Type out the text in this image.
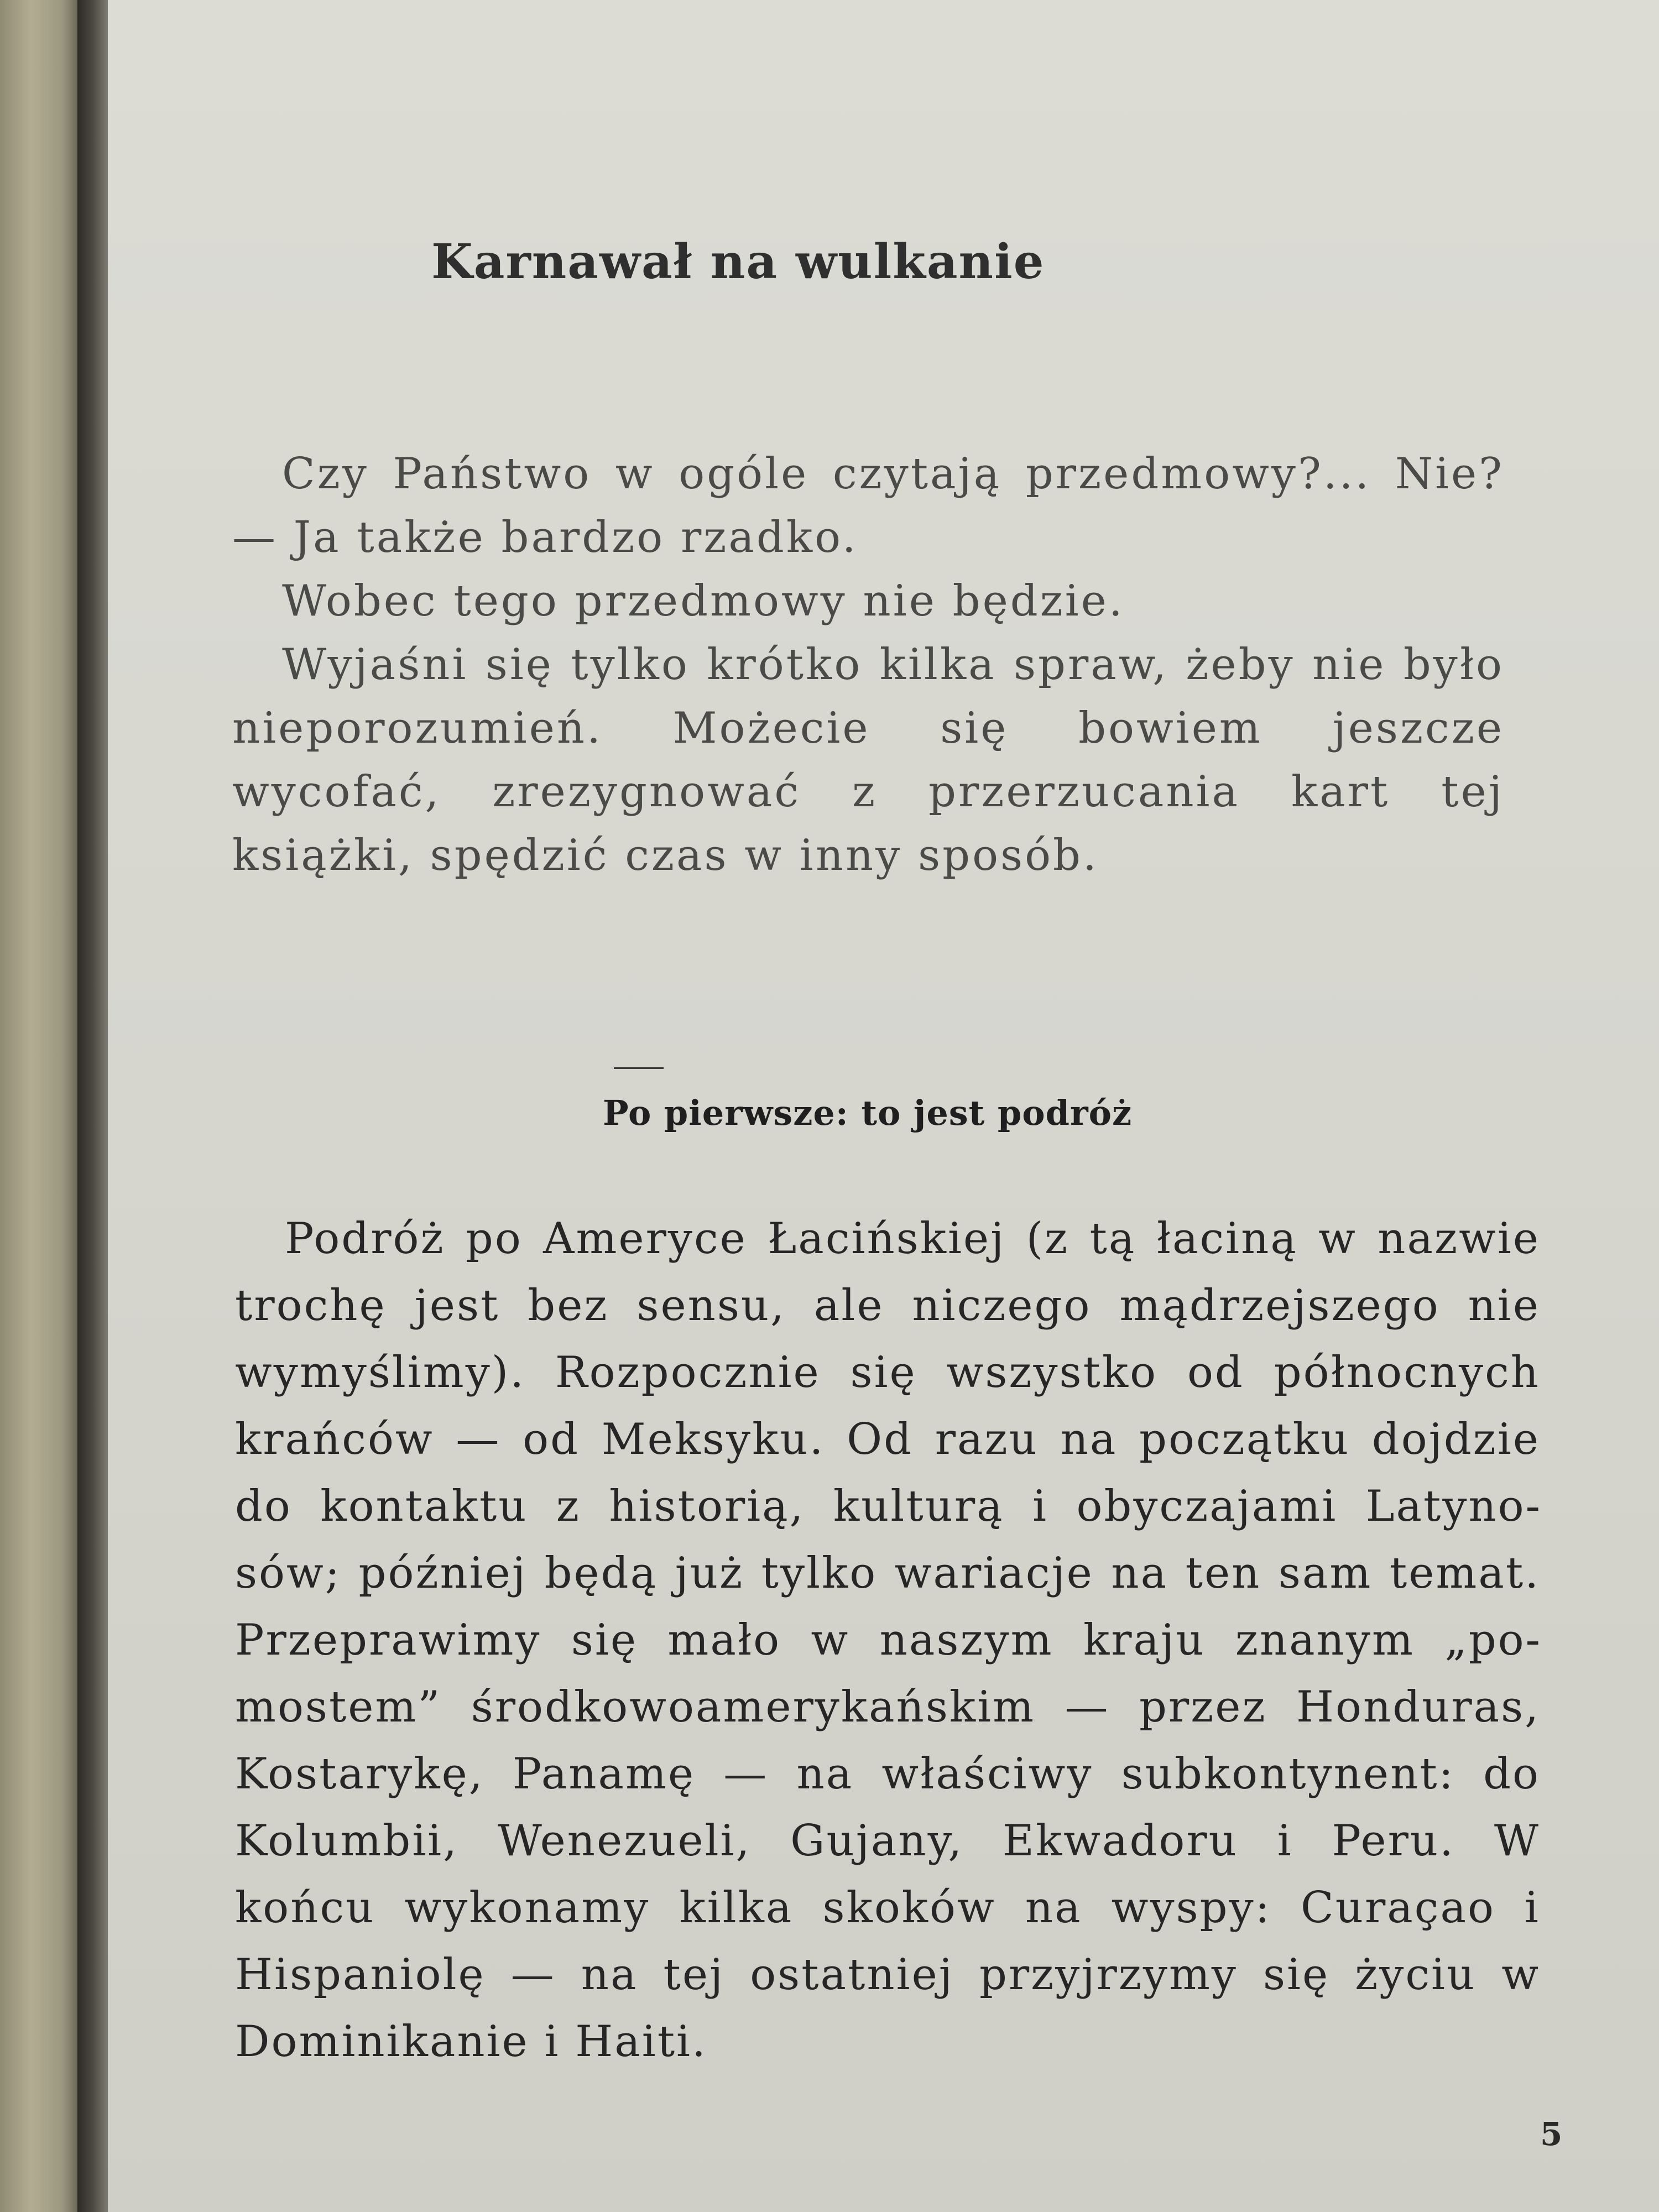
Karnawał na wulkanie

Czy Państwo w ogóle czytają przedmowy?... Nie? — Ja także bardzo rzadko.

Wobec tego przedmowy nie będzie.

Wyjaśni się tylko krótko kilka spraw, żeby nie było nieporozumień. Możecie się bowiem jeszcze wycofać, zrezygnować z przerzucania kart tej książki, spędzić czas w inny sposób.

Po pierwsze: to jest podróż

Podróż po Ameryce Łacińskiej (z tą łaciną w nazwie trochę jest bez sensu, ale niczego mądrzejszego nie wymyślimy). Rozpocznie się wszystko od północnych krańców — od Meksyku. Od razu na początku dojdzie do kontaktu z historią, kulturą i obyczajami Latynosów; później będą już tylko wariacje na ten sam temat. Przeprawimy się mało w naszym kraju znanym „pomostem” środkowoamerykańskim — przez Honduras, Kostarykę, Panamę — na właściwy subkontynent: do Kolumbii, Wenezueli, Gujany, Ekwadoru i Peru. W końcu wykonamy kilka skoków na wyspy: Curaçao i Hispaniolę — na tej ostatniej przyjrzymy się życiu w Dominikanie i Haiti.

5
